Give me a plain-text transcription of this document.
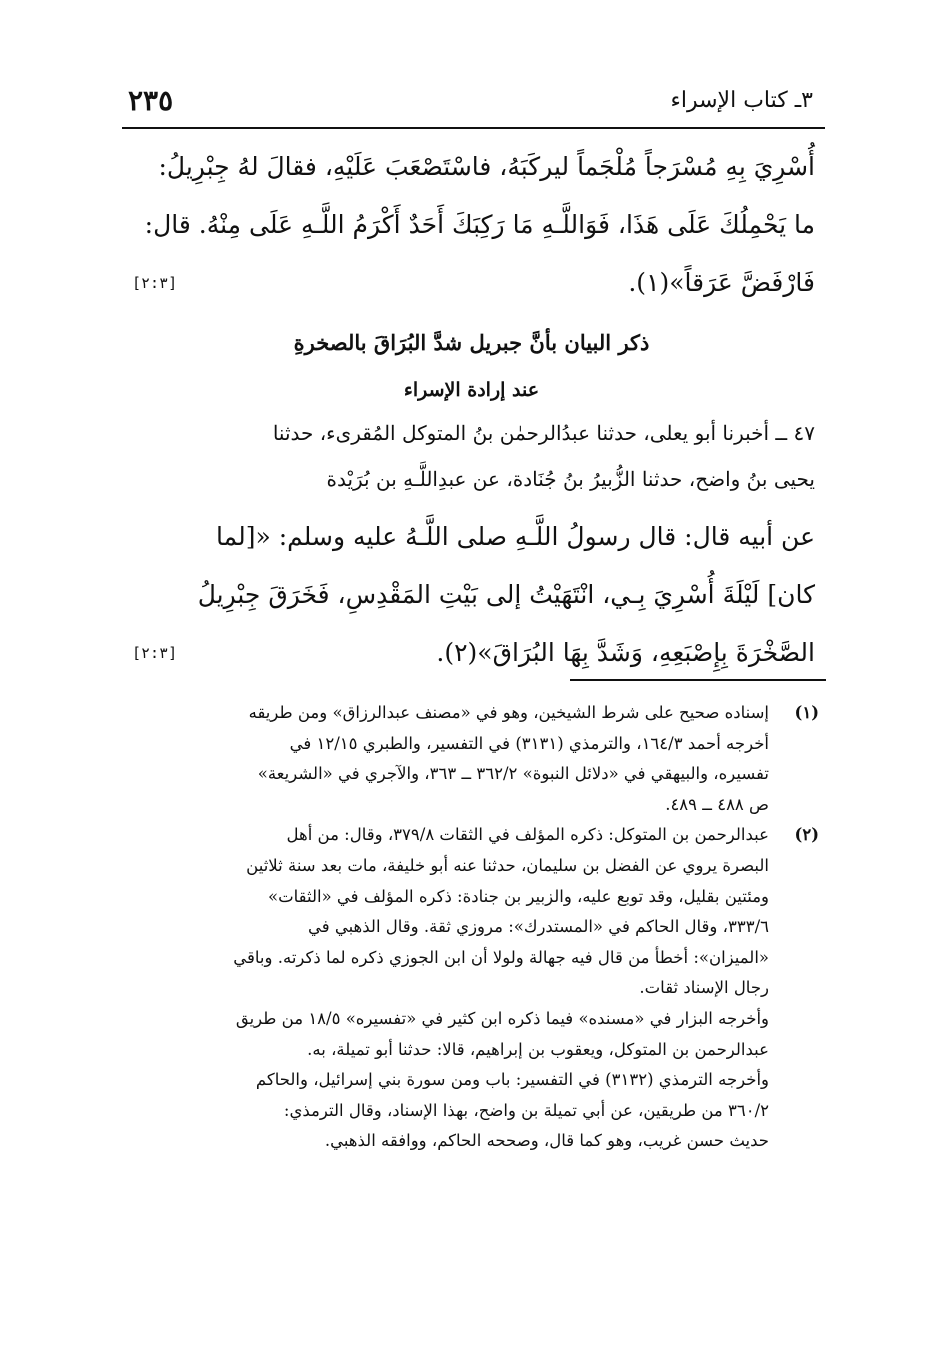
٣ـ كتاب الإسراء
٢٣٥
أُسْرِيَ بِهِ مُسْرَجاً مُلْجَماً ليركَبَهُ، فاسْتَصْعَبَ عَلَيْهِ، فقالَ لهُ جِبْرِيلُ:
ما يَحْمِلُكَ عَلَى هَذَا، فَوَاللَّـهِ مَا رَكِبَكَ أَحَدٌ أَكْرَمُ اللَّـهِ عَلَى مِنْهُ. قال:
فَارْفَضَّ عَرَقاً»(١).
[٢:٣]
ذكر البيان بأنَّ جبريل شدَّ البُرَاقَ بالصخرةِ
عند إرادة الإسراء
٤٧ ــ أخبرنا أبو يعلى، حدثنا عبدُالرحمٰن بنُ المتوكل المُقرىء، حدثنا
يحيى بنُ واضح، حدثنا الزُّبيرُ بنُ جُنَادة، عن عبدِاللَّـهِ بن بُرَيْدة
عن أبيه قال: قال رسولُ اللَّـهِ صلى اللَّـهُ عليه وسلم: «[لما
كان] لَيْلَةَ أُسْرِيَ بِـي، انْتَهَيْتُ إلى بَيْتِ المَقْدِسِ، فَخَرَقَ جِبْرِيلُ
الصَّخْرَةَ بِإِصْبَعِهِ، وَشَدَّ بِهَا البُرَاقَ»(٢).
[٢:٣]
(١)إسناده صحيح على شرط الشيخين، وهو في «مصنف عبدالرزاق» ومن طريقه
أخرجه أحمد ١٦٤/٣، والترمذي (٣١٣١) في التفسير، والطبري ١٢/١٥ في
تفسيره، والبيهقي في «دلائل النبوة» ٣٦٢/٢ ــ ٣٦٣، والآجري في «الشريعة»
ص ٤٨٨ ــ ٤٨٩.
(٢)عبدالرحمن بن المتوكل: ذكره المؤلف في الثقات ٣٧٩/٨، وقال: من أهل
البصرة يروي عن الفضل بن سليمان، حدثنا عنه أبو خليفة، مات بعد سنة ثلاثين
ومئتين بقليل، وقد توبع عليه، والزبير بن جنادة: ذكره المؤلف في «الثقات»
٣٣٣/٦، وقال الحاكم في «المستدرك»: مروزي ثقة. وقال الذهبي في
«الميزان»: أخطأ من قال فيه جهالة ولولا أن ابن الجوزي ذكره لما ذكرته. وباقي
رجال الإسناد ثقات.
وأخرجه البزار في «مسنده» فيما ذكره ابن كثير في «تفسيره» ١٨/٥ من طريق
عبدالرحمن بن المتوكل، ويعقوب بن إبراهيم، قالا: حدثنا أبو تميلة، به.
وأخرجه الترمذي (٣١٣٢) في التفسير: باب ومن سورة بني إسرائيل، والحاكم
٣٦٠/٢ من طريقين، عن أبي تميلة بن واضح، بهذا الإسناد، وقال الترمذي:
حديث حسن غريب، وهو كما قال، وصححه الحاكم، ووافقه الذهبي.
